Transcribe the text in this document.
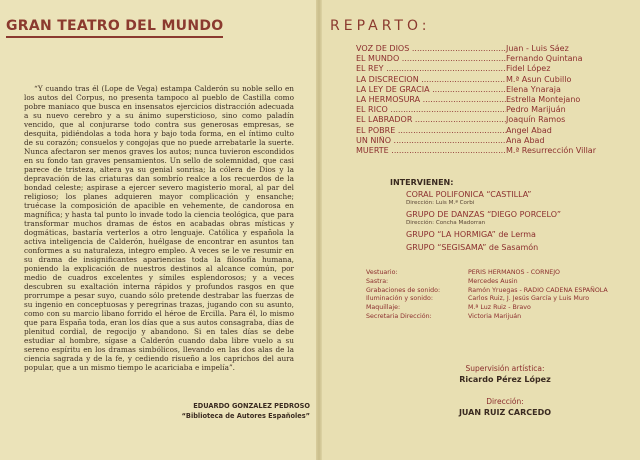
GRAN TEATRO DEL MUNDO

“Y cuando tras él (Lope de Vega) estampa Calderón su noble sello en los autos del Corpus, no presenta tampoco al pueblo de Castilla como pobre maniaco que busca en insensatos ejercicios distracción adecuada a su nuevo cerebro y a su ánimo supersticioso, sino como paladín vencido, que al conjurarse todo contra sus generosas empresas, se desquita, pidiéndolas a toda hora y bajo toda forma, en el íntimo culto de su corazón; consuelos y congojas que no puede arrebatarle la suerte. Nunca afectaron ser menos graves los autos; nunca tuvieron escondidos en su fondo tan graves pensamientos. Un sello de solemnidad, que casi parece de tristeza, altera ya su genial sonrisa; la cólera de Dios y la depravación de las criaturas dan sombrío realce a los recuerdos de la bondad celeste; aspirase a ejercer severo magisterio moral, al par del religioso; los planes adquieren mayor complicación y ensanche; truécase la composición de apacible en vehemente, de candorosa en magnífica; y hasta tal punto lo invade todo la ciencia teológica, que para transformar muchos dramas de éstos en acabadas obras místicas y dogmáticas, bastaría verterlos a otro lenguaje. Católica y española la activa inteligencia de Calderón, huélgase de encontrar en asuntos tan conformes a su naturaleza, integro empleo. A veces se le ve resumir en su drama de insignificantes apariencias toda la filosofía humana, poniendo la explicación de nuestros destinos al alcance común, por medio de cuadros excelentes y símiles esplendorosos; y a veces descubren su exaltación interna rápidos y profundos rasgos en que prorrumpe a pesar suyo, cuando sólo pretende destrabar las fuerzas de su ingenio en conceptuosas y peregrinas trazas, jugando con su asunto, como con su marcio libano forrido el héroe de Ercilla. Para él, lo mismo que para España toda, eran los días que a sus autos consagraba, días de plenitud cordial, de regocijo y abandono. Si en tales días se debe estudiar al hombre, sígase a Calderón cuando daba libre vuelo a su sereno espíritu en los dramas simbólicos, llevando en las dos alas de la ciencia sagrada y de la fe, y cediendo risueño a los caprichos del aura popular, que a un mismo tiempo le acariciaba e impelía”.

EDUARDO GONZALEZ PEDROSO
“Biblioteca de Autores Españoles”
REPARTO:
VOZ DE DIOS .....	Juan - Luis Sáez
EL MUNDO .....	Fernando Quintana
EL REY .....	Fidel López
LA DISCRECION .....	M.ª Asun Cubillo
LA LEY DE GRACIA .....	Elena Ynaraja
LA HERMOSURA .....	Estrella Montejano
EL RICO .....	Pedro Marijuán
EL LABRADOR .....	Joaquín Ramos
EL POBRE .....	Angel Abad
UN NIÑO .....	Ana Abad
MUERTE .....	M.ª Resurrección Villar
INTERVIENEN:
CORAL POLIFONICA “CASTILLA”
Dirección: Luis M.ª Corbi
GRUPO DE DANZAS “DIEGO PORCELO”
Dirección: Concha Madorran
GRUPO “LA HORMIGA” de Lerma
GRUPO “SEGISAMA” de Sasamón
Vestuario:	PERIS HERMANOS - CORNEJO
Sastra:	Mercedes Ausin
Grabaciones de sonido:	Ramón Yruegas - RADIO CADENA ESPAÑOLA
Iluminación y sonido:	Carlos Ruiz, J. Jesús García y Luis Muro
Maquillaje:	M.ª Luz Ruiz - Bravo
Secretaria Dirección:	Victoria Marijuán
Supervisión artística:
Ricardo Pérez López
Dirección:
JUAN RUIZ CARCEDO
